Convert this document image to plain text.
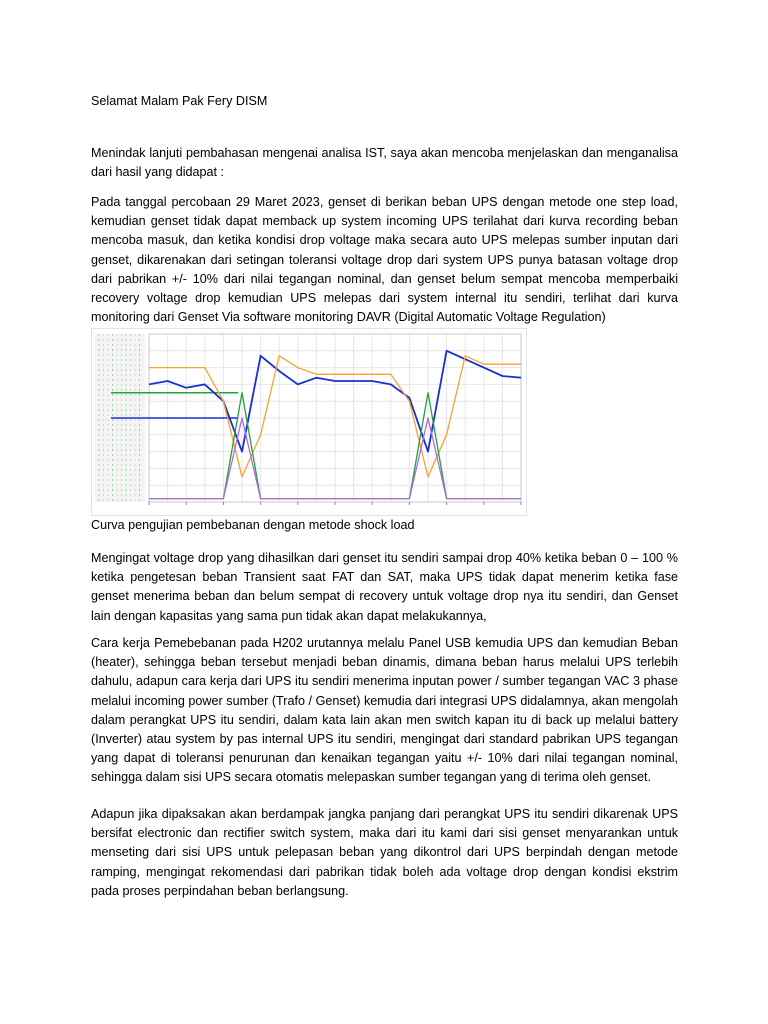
Selamat Malam Pak Fery DISM

Menindak lanjuti pembahasan mengenai analisa IST, saya akan mencoba menjelaskan dan menganalisa dari hasil yang didapat :

Pada tanggal percobaan 29 Maret 2023, genset di berikan beban UPS dengan metode one step load, kemudian genset tidak dapat memback up system incoming UPS terilahat dari kurva recording beban mencoba masuk, dan ketika kondisi drop voltage maka secara auto UPS melepas sumber inputan dari genset, dikarenakan dari setingan toleransi voltage drop dari system UPS punya batasan voltage drop dari pabrikan +/- 10% dari nilai tegangan nominal, dan genset belum sempat mencoba memperbaiki recovery voltage drop kemudian UPS melepas dari system internal itu sendiri, terlihat dari kurva monitoring dari Genset Via software monitoring DAVR (Digital Automatic Voltage Regulation)

Curva pengujian pembebanan dengan metode shock load

Mengingat voltage drop yang dihasilkan dari genset itu sendiri sampai drop 40% ketika beban 0 – 100 % ketika pengetesan beban Transient saat FAT dan SAT, maka UPS tidak dapat menerim ketika fase genset menerima beban dan belum sempat di recovery untuk voltage drop nya itu sendiri, dan Genset lain dengan kapasitas yang sama pun tidak akan dapat melakukannya,

Cara kerja Pemebebanan pada H202 urutannya melalu Panel USB kemudia UPS dan kemudian Beban (heater), sehingga beban tersebut menjadi beban dinamis, dimana beban harus melalui UPS terlebih dahulu, adapun cara kerja dari UPS itu sendiri menerima inputan power / sumber tegangan VAC 3 phase melalui incoming power sumber (Trafo / Genset) kemudia dari integrasi UPS didalamnya, akan mengolah dalam perangkat UPS itu sendiri, dalam kata lain akan men switch kapan itu di back up melalui battery (Inverter) atau system by pas internal UPS itu sendiri, mengingat dari standard pabrikan UPS tegangan yang dapat di toleransi penurunan dan kenaikan tegangan yaitu +/- 10% dari nilai tegangan nominal, sehingga dalam sisi UPS secara otomatis melepaskan sumber tegangan yang di terima oleh genset.

Adapun jika dipaksakan akan berdampak jangka panjang dari perangkat UPS itu sendiri dikarenak UPS bersifat electronic dan rectifier switch system, maka dari itu kami dari sisi genset menyarankan untuk menseting dari sisi UPS untuk pelepasan beban yang dikontrol dari UPS berpindah dengan metode ramping, mengingat rekomendasi dari pabrikan tidak boleh ada voltage drop dengan kondisi ekstrim pada proses perpindahan beban berlangsung.
